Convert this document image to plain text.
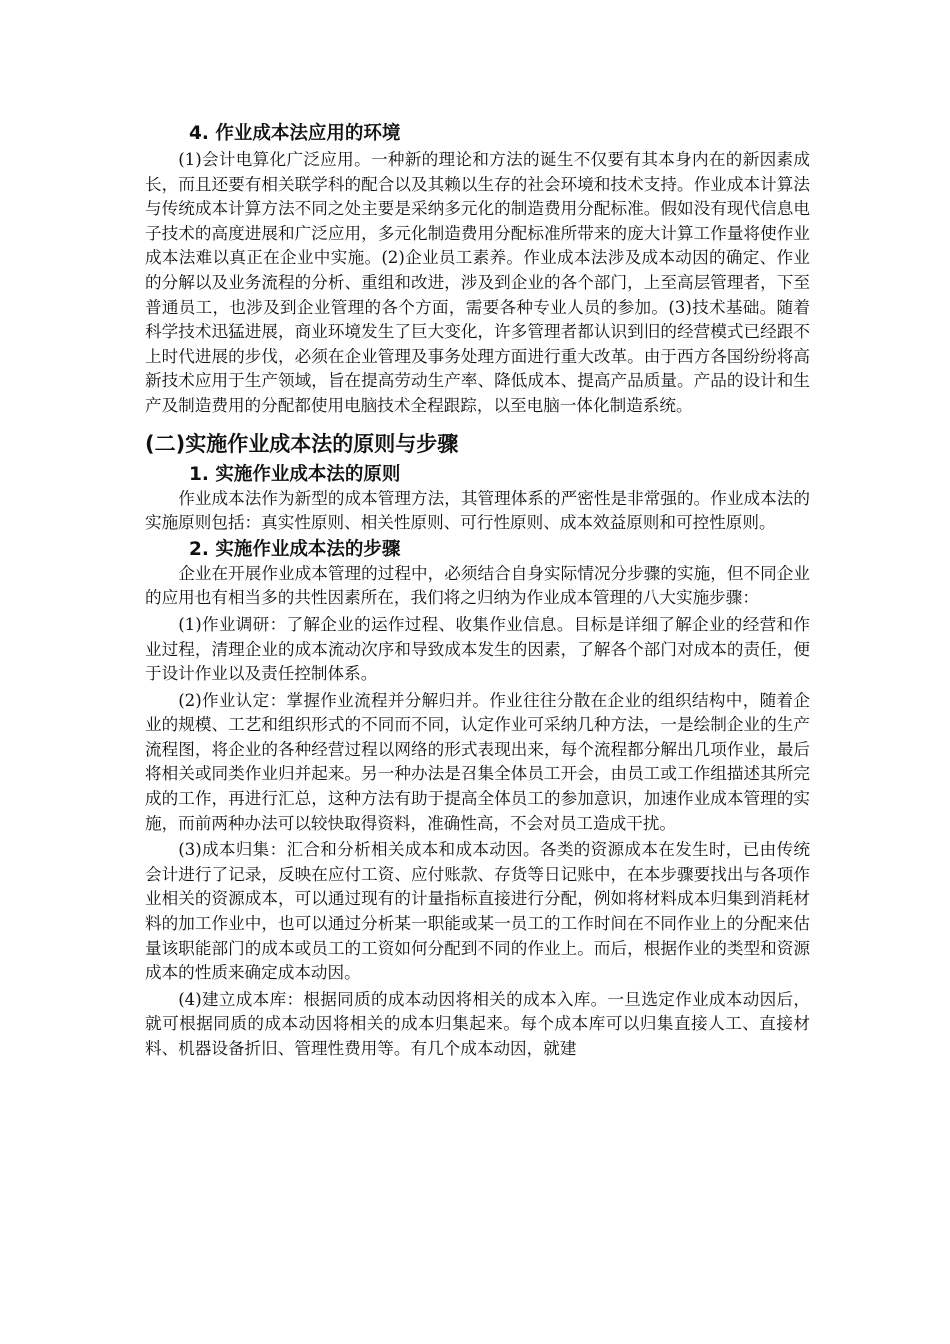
4. 作业成本法应用的环境

(1)会计电算化广泛应用。一种新的理论和方法的诞生不仅要有其本身内在的新因素成长，而且还要有相关联学科的配合以及其赖以生存的社会环境和技术支持。作业成本计算法与传统成本计算方法不同之处主要是采纳多元化的制造费用分配标准。假如没有现代信息电子技术的高度进展和广泛应用，多元化制造费用分配标准所带来的庞大计算工作量将使作业成本法难以真正在企业中实施。(2)企业员工素养。作业成本法涉及成本动因的确定、作业的分解以及业务流程的分析、重组和改进，涉及到企业的各个部门，上至高层管理者，下至普通员工，也涉及到企业管理的各个方面，需要各种专业人员的参加。(3)技术基础。随着科学技术迅猛进展，商业环境发生了巨大变化，许多管理者都认识到旧的经营模式已经跟不上时代进展的步伐，必须在企业管理及事务处理方面进行重大改革。由于西方各国纷纷将高新技术应用于生产领域，旨在提高劳动生产率、降低成本、提高产品质量。产品的设计和生产及制造费用的分配都使用电脑技术全程跟踪，以至电脑一体化制造系统。

(二)实施作业成本法的原则与步骤
1. 实施作业成本法的原则

作业成本法作为新型的成本管理方法，其管理体系的严密性是非常强的。作业成本法的实施原则包括：真实性原则、相关性原则、可行性原则、成本效益原则和可控性原则。

2. 实施作业成本法的步骤

企业在开展作业成本管理的过程中，必须结合自身实际情况分步骤的实施，但不同企业的应用也有相当多的共性因素所在，我们将之归纳为作业成本管理的八大实施步骤：

(1)作业调研：了解企业的运作过程、收集作业信息。目标是详细了解企业的经营和作业过程，清理企业的成本流动次序和导致成本发生的因素，了解各个部门对成本的责任，便于设计作业以及责任控制体系。

(2)作业认定：掌握作业流程并分解归并。作业往往分散在企业的组织结构中，随着企业的规模、工艺和组织形式的不同而不同，认定作业可采纳几种方法，一是绘制企业的生产流程图，将企业的各种经营过程以网络的形式表现出来，每个流程都分解出几项作业，最后将相关或同类作业归并起来。另一种办法是召集全体员工开会，由员工或工作组描述其所完成的工作，再进行汇总，这种方法有助于提高全体员工的参加意识，加速作业成本管理的实施，而前两种办法可以较快取得资料，准确性高，不会对员工造成干扰。

(3)成本归集：汇合和分析相关成本和成本动因。各类的资源成本在发生时，已由传统会计进行了记录，反映在应付工资、应付账款、存货等日记账中，在本步骤要找出与各项作业相关的资源成本，可以通过现有的计量指标直接进行分配，例如将材料成本归集到消耗材料的加工作业中，也可以通过分析某一职能或某一员工的工作时间在不同作业上的分配来估量该职能部门的成本或员工的工资如何分配到不同的作业上。而后，根据作业的类型和资源成本的性质来确定成本动因。

(4)建立成本库：根据同质的成本动因将相关的成本入库。一旦选定作业成本动因后，就可根据同质的成本动因将相关的成本归集起来。每个成本库可以归集直接人工、直接材料、机器设备折旧、管理性费用等。有几个成本动因，就建
